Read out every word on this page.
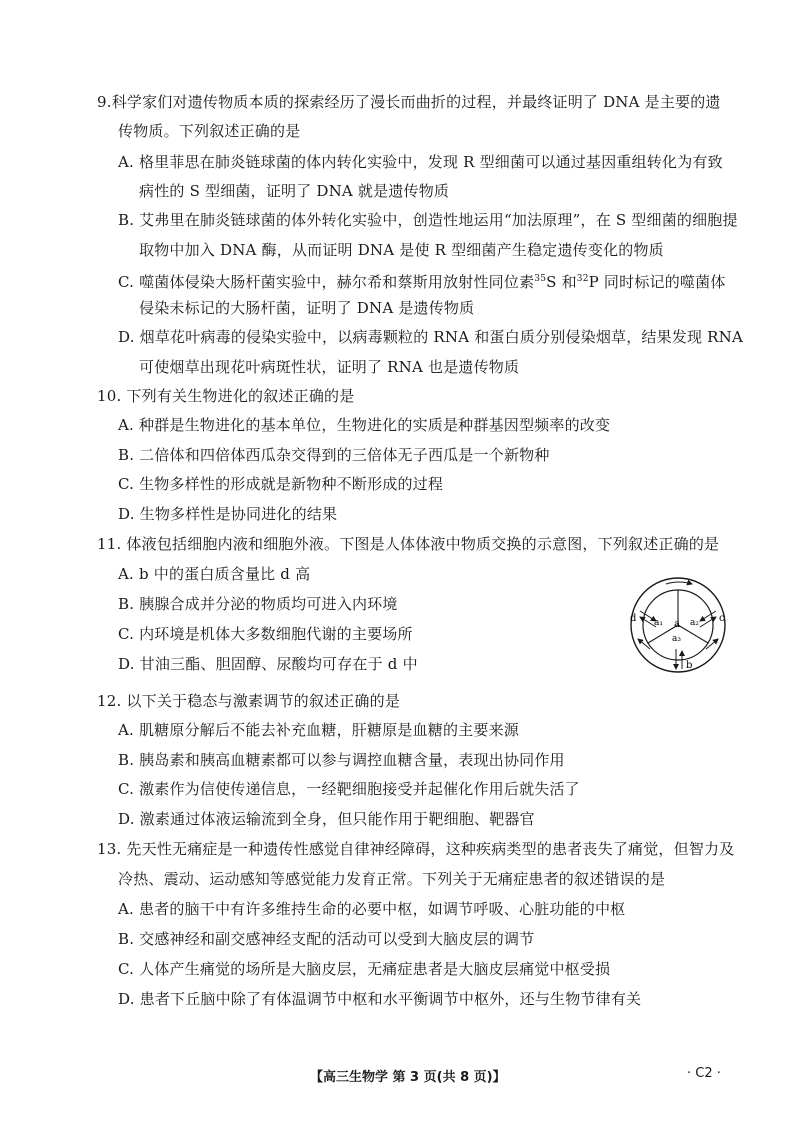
9.科学家们对遗传物质本质的探索经历了漫长而曲折的过程，并最终证明了 DNA 是主要的遗
传物质。下列叙述正确的是
A. 格里菲思在肺炎链球菌的体内转化实验中，发现 R 型细菌可以通过基因重组转化为有致
病性的 S 型细菌，证明了 DNA 就是遗传物质
B. 艾弗里在肺炎链球菌的体外转化实验中，创造性地运用“加法原理”，在 S 型细菌的细胞提
取物中加入 DNA 酶，从而证明 DNA 是使 R 型细菌产生稳定遗传变化的物质
C. 噬菌体侵染大肠杆菌实验中，赫尔希和蔡斯用放射性同位素$^{35}$S 和$^{32}$P 同时标记的噬菌体
侵染未标记的大肠杆菌，证明了 DNA 是遗传物质
D. 烟草花叶病毒的侵染实验中，以病毒颗粒的 RNA 和蛋白质分别侵染烟草，结果发现 RNA
可使烟草出现花叶病斑性状，证明了 RNA 也是遗传物质
10. 下列有关生物进化的叙述正确的是
A. 种群是生物进化的基本单位，生物进化的实质是种群基因型频率的改变
B. 二倍体和四倍体西瓜杂交得到的三倍体无子西瓜是一个新物种
C. 生物多样性的形成就是新物种不断形成的过程
D. 生物多样性是协同进化的结果
11. 体液包括细胞内液和细胞外液。下图是人体体液中物质交换的示意图，下列叙述正确的是
A. b 中的蛋白质含量比 d 高
B. 胰腺合成并分泌的物质均可进入内环境
C. 内环境是机体大多数细胞代谢的主要场所
D. 甘油三酯、胆固醇、尿酸均可存在于 d 中
a
a₁	a₂
a₃
b
c
d
12. 以下关于稳态与激素调节的叙述正确的是
A. 肌糖原分解后不能去补充血糖，肝糖原是血糖的主要来源
B. 胰岛素和胰高血糖素都可以参与调控血糖含量，表现出协同作用
C. 激素作为信使传递信息，一经靶细胞接受并起催化作用后就失活了
D. 激素通过体液运输流到全身，但只能作用于靶细胞、靶器官
13. 先天性无痛症是一种遗传性感觉自律神经障碍，这种疾病类型的患者丧失了痛觉，但智力及
冷热、震动、运动感知等感觉能力发育正常。下列关于无痛症患者的叙述错误的是
A. 患者的脑干中有许多维持生命的必要中枢，如调节呼吸、心脏功能的中枢
B. 交感神经和副交感神经支配的活动可以受到大脑皮层的调节
C. 人体产生痛觉的场所是大脑皮层，无痛症患者是大脑皮层痛觉中枢受损
D. 患者下丘脑中除了有体温调节中枢和水平衡调节中枢外，还与生物节律有关
【高三生物学 第 3 页(共 8 页)】	· C2 ·
